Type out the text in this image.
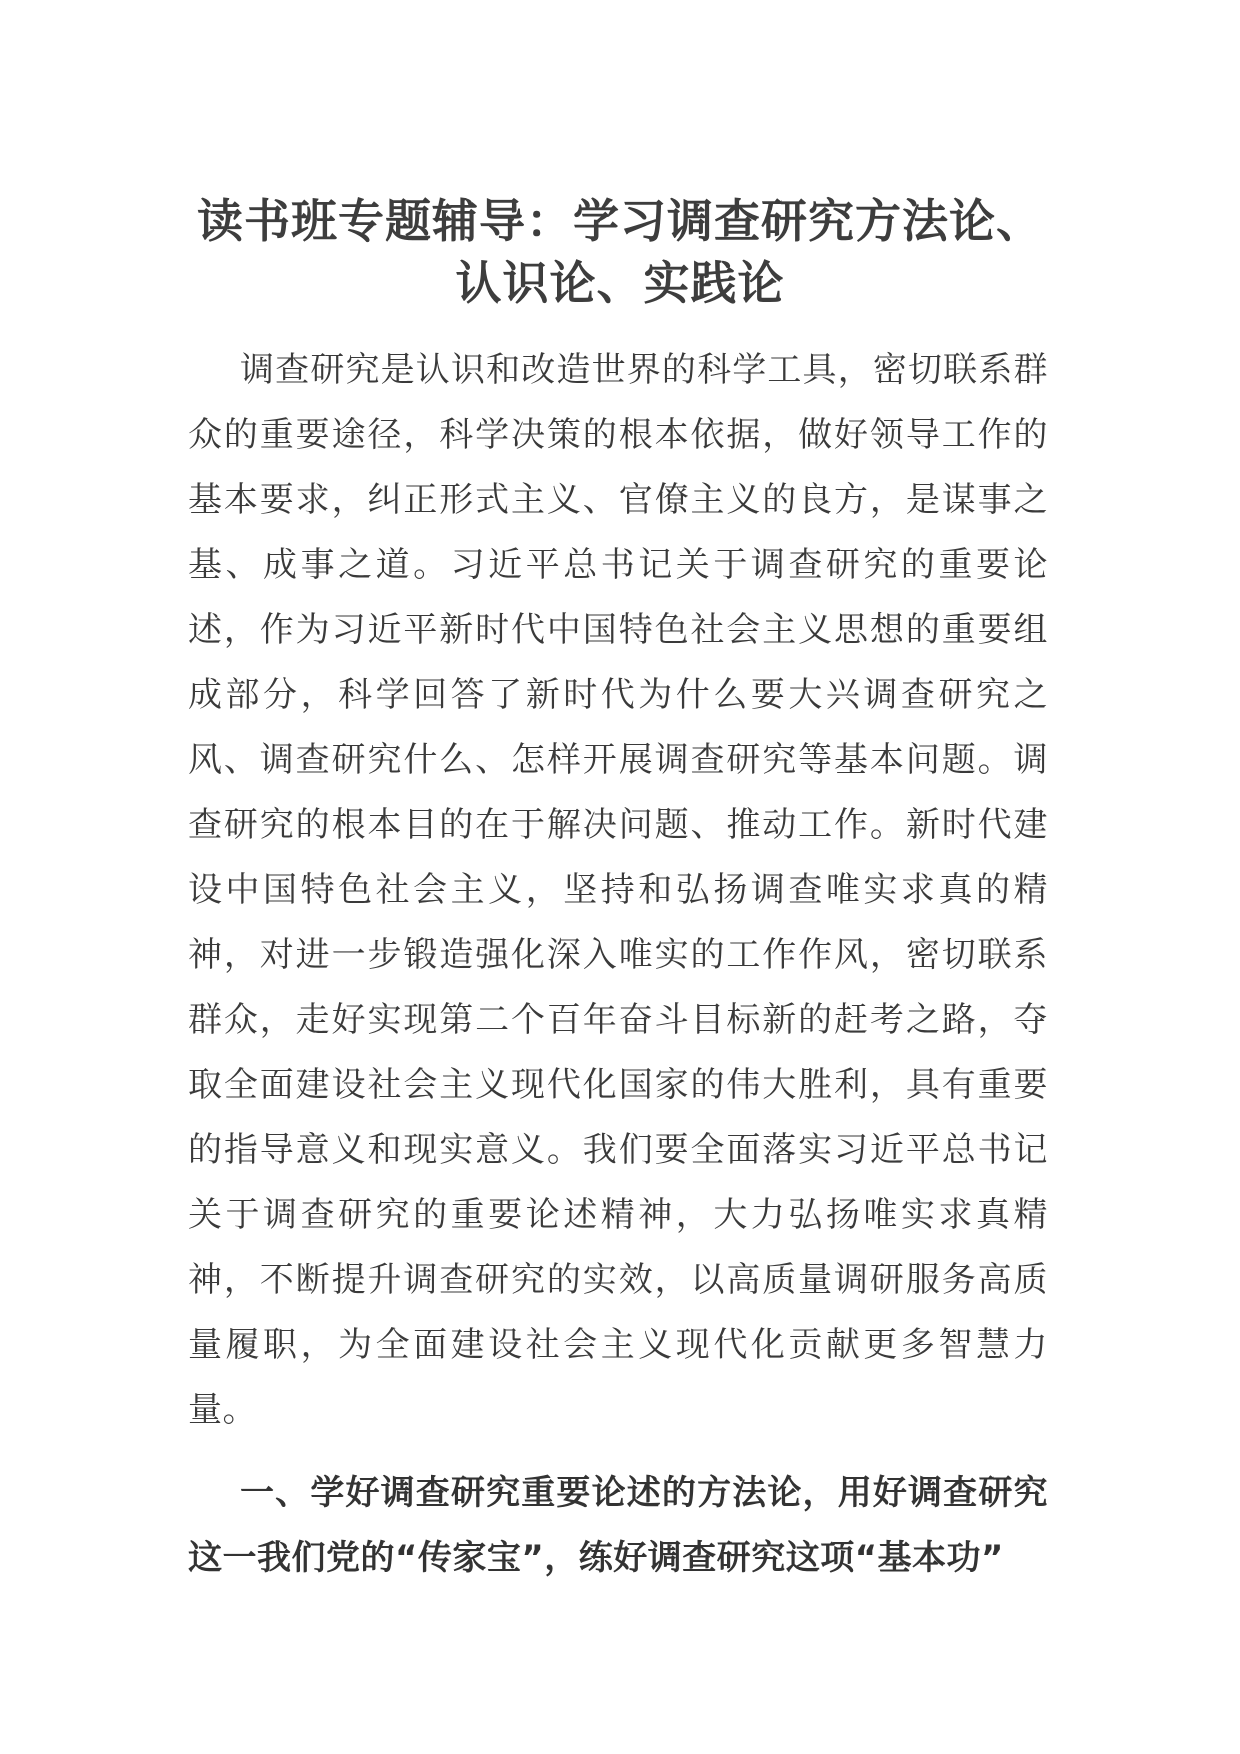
读书班专题辅导：学习调查研究方法论、
认识论、实践论

调查研究是认识和改造世界的科学工具，密切联系群众的重要途径，科学决策的根本依据，做好领导工作的基本要求，纠正形式主义、官僚主义的良方，是谋事之基、成事之道。习近平总书记关于调查研究的重要论述，作为习近平新时代中国特色社会主义思想的重要组成部分，科学回答了新时代为什么要大兴调查研究之风、调查研究什么、怎样开展调查研究等基本问题。调查研究的根本目的在于解决问题、推动工作。新时代建设中国特色社会主义，坚持和弘扬调查唯实求真的精神，对进一步锻造强化深入唯实的工作作风，密切联系群众，走好实现第二个百年奋斗目标新的赶考之路，夺取全面建设社会主义现代化国家的伟大胜利，具有重要的指导意义和现实意义。我们要全面落实习近平总书记关于调查研究的重要论述精神，大力弘扬唯实求真精神，不断提升调查研究的实效，以高质量调研服务高质量履职，为全面建设社会主义现代化贡献更多智慧力量。

一、学好调查研究重要论述的方法论，用好调查研究这一我们党的“传家宝”，练好调查研究这项“基本功”
